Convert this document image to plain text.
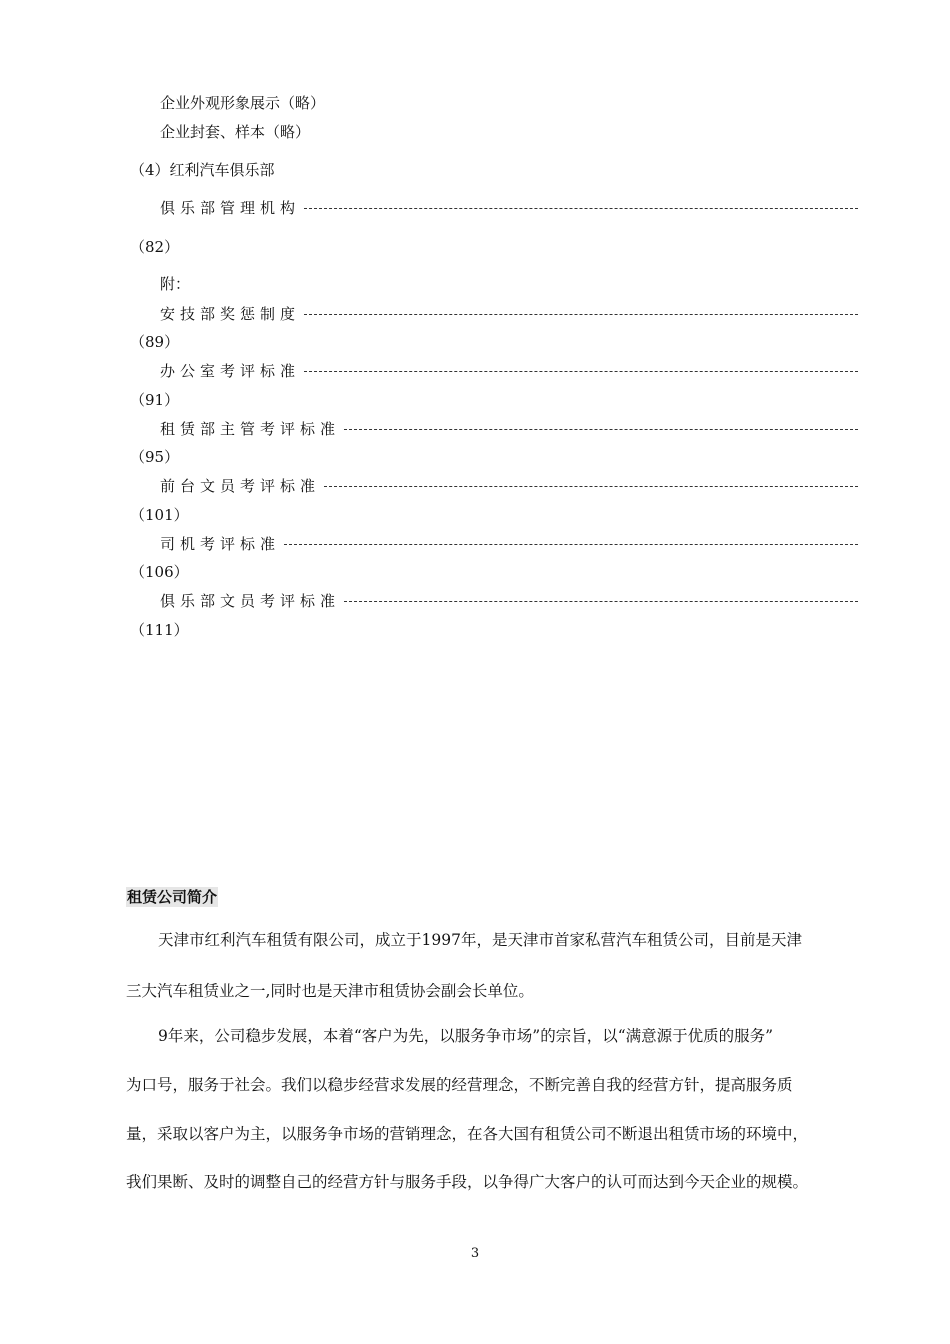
企业外观形象展示（略）
企业封套、样本（略）
（4）红利汽车俱乐部
俱乐部管理机构
（82）
附：
安技部奖惩制度
（89）
办公室考评标准
（91）
租赁部主管考评标准
（95）
前台文员考评标准
（101）
司机考评标准
（106）
俱乐部文员考评标准
（111）
租赁公司简介
天津市红利汽车租赁有限公司，成立于1997年，是天津市首家私营汽车租赁公司，目前是天津
三大汽车租赁业之一,同时也是天津市租赁协会副会长单位。
9年来，公司稳步发展，本着“客户为先，以服务争市场”的宗旨，以“满意源于优质的服务”
为口号，服务于社会。我们以稳步经营求发展的经营理念，不断完善自我的经营方针，提高服务质
量，采取以客户为主，以服务争市场的营销理念，在各大国有租赁公司不断退出租赁市场的环境中，
我们果断、及时的调整自己的经营方针与服务手段，以争得广大客户的认可而达到今天企业的规模。
3
